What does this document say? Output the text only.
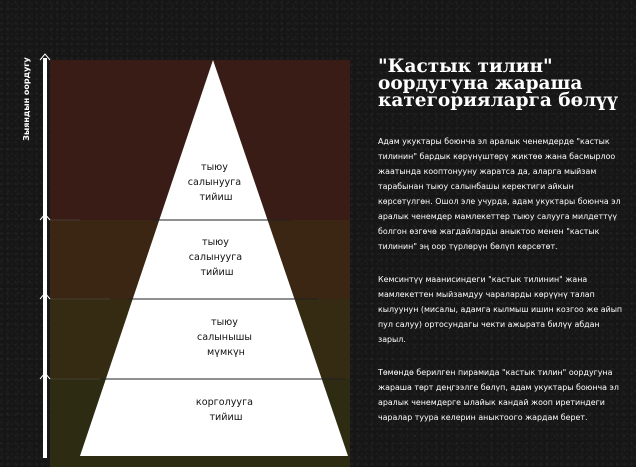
Зыяндын оордугу
тыюу салынууга тийиш
тыюу салынууга тийиш
тыюу салынышы мүмкүн
корголууга тийиш
"Кастык тилин" оордугуна жараша категорияларга бөлүү

Адам укуктары боюнча эл аралык ченемдерде "кастык тилинин" бардык көрүнүштөрү жиктөө жана басмырлоо жаатында кооптонууну жаратса да, аларга мыйзам тарабынан тыюу салынбашы керектиги айкын көрсөтүлгөн. Ошол эле учурда, адам укуктары боюнча эл аралык ченемдер мамлекеттер тыюу салууга милдеттүү болгон өзгөчө жагдайларды аныктоо менен "кастык тилинин" эң оор түрлөрүн бөлүп көрсөтөт.

Кемсинтүү маанисиндеги "кастык тилинин" жана мамлекеттен мыйзамдуу чараларды көрүүнү талап кылуунун (мисалы, адамга кылмыш ишин козгоо же айып пул салуу) ортосундагы чекти ажырата билүү абдан зарыл.

Төмөндө берилген пирамида "кастык тилин" оордугуна жараша төрт деңгээлге бөлүп, адам укуктары боюнча эл аралык ченемдерге ылайык кандай жооп иретиндеги чаралар туура келерин аныктоого жардам берет.
